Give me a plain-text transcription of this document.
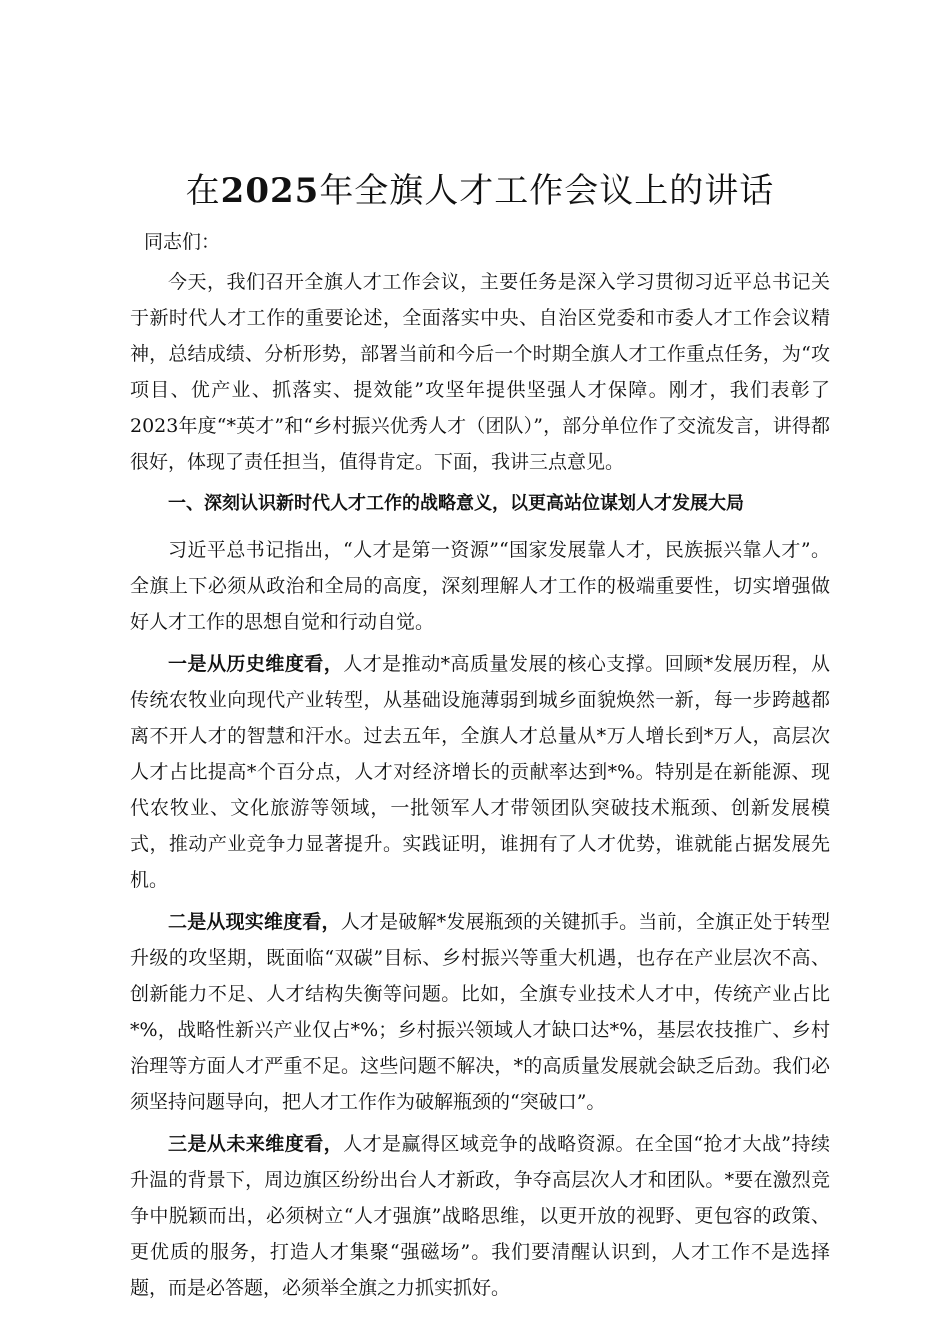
在2025年全旗人才工作会议上的讲话

同志们：

今天，我们召开全旗人才工作会议，主要任务是深入学习贯彻习近平总书记关于新时代人才工作的重要论述，全面落实中央、自治区党委和市委人才工作会议精神，总结成绩、分析形势，部署当前和今后一个时期全旗人才工作重点任务，为“攻项目、优产业、抓落实、提效能”攻坚年提供坚强人才保障。刚才，我们表彰了2023年度“*英才”和“乡村振兴优秀人才（团队）”，部分单位作了交流发言，讲得都很好，体现了责任担当，值得肯定。下面，我讲三点意见。

一、深刻认识新时代人才工作的战略意义，以更高站位谋划人才发展大局

习近平总书记指出，“人才是第一资源”“国家发展靠人才，民族振兴靠人才”。全旗上下必须从政治和全局的高度，深刻理解人才工作的极端重要性，切实增强做好人才工作的思想自觉和行动自觉。

一是从历史维度看，人才是推动*高质量发展的核心支撑。回顾*发展历程，从传统农牧业向现代产业转型，从基础设施薄弱到城乡面貌焕然一新，每一步跨越都离不开人才的智慧和汗水。过去五年，全旗人才总量从*万人增长到*万人，高层次人才占比提高*个百分点，人才对经济增长的贡献率达到*%。特别是在新能源、现代农牧业、文化旅游等领域，一批领军人才带领团队突破技术瓶颈、创新发展模式，推动产业竞争力显著提升。实践证明，谁拥有了人才优势，谁就能占据发展先机。

二是从现实维度看，人才是破解*发展瓶颈的关键抓手。当前，全旗正处于转型升级的攻坚期，既面临“双碳”目标、乡村振兴等重大机遇，也存在产业层次不高、创新能力不足、人才结构失衡等问题。比如，全旗专业技术人才中，传统产业占比*%，战略性新兴产业仅占*%；乡村振兴领域人才缺口达*%，基层农技推广、乡村治理等方面人才严重不足。这些问题不解决，*的高质量发展就会缺乏后劲。我们必须坚持问题导向，把人才工作作为破解瓶颈的“突破口”。

三是从未来维度看，人才是赢得区域竞争的战略资源。在全国“抢才大战”持续升温的背景下，周边旗区纷纷出台人才新政，争夺高层次人才和团队。*要在激烈竞争中脱颖而出，必须树立“人才强旗”战略思维，以更开放的视野、更包容的政策、更优质的服务，打造人才集聚“强磁场”。我们要清醒认识到，人才工作不是选择题，而是必答题，必须举全旗之力抓实抓好。
